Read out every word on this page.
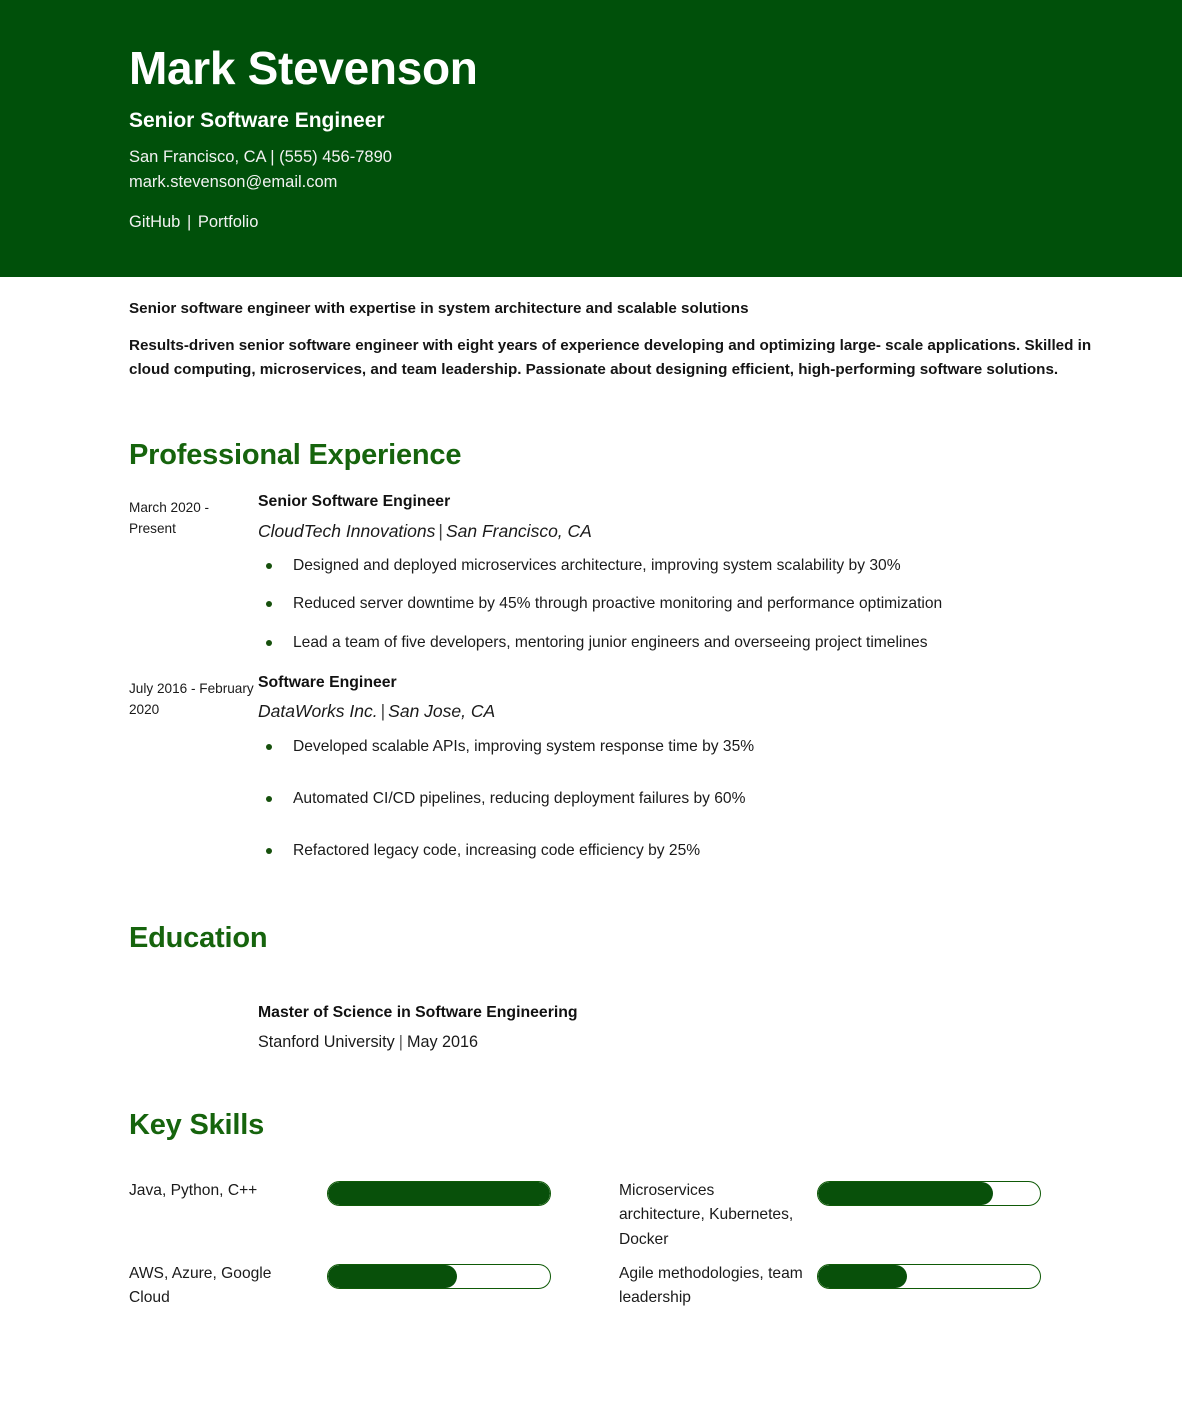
Mark Stevenson
Senior Software Engineer
San Francisco, CA | (555) 456-7890
mark.stevenson@email.com
GitHub | Portfolio
Senior software engineer with expertise in system architecture and scalable solutions
Results-driven senior software engineer with eight years of experience developing and optimizing large- scale applications. Skilled in cloud computing, microservices, and team leadership. Passionate about designing efficient, high-performing software solutions.
Professional Experience
March 2020 - Present
Senior Software Engineer
CloudTech Innovations | San Francisco, CA
Designed and deployed microservices architecture, improving system scalability by 30%
Reduced server downtime by 45% through proactive monitoring and performance optimization
Lead a team of five developers, mentoring junior engineers and overseeing project timelines
July 2016 - February 2020
Software Engineer
DataWorks Inc. | San Jose, CA
Developed scalable APIs, improving system response time by 35%
Automated CI/CD pipelines, reducing deployment failures by 60%
Refactored legacy code, increasing code efficiency by 25%
Education
Master of Science in Software Engineering
Stanford University | May 2016
Key Skills
Java, Python, C++	Microservices architecture, Kubernetes, Docker
AWS, Azure, Google Cloud
Agile methodologies, team leadership
